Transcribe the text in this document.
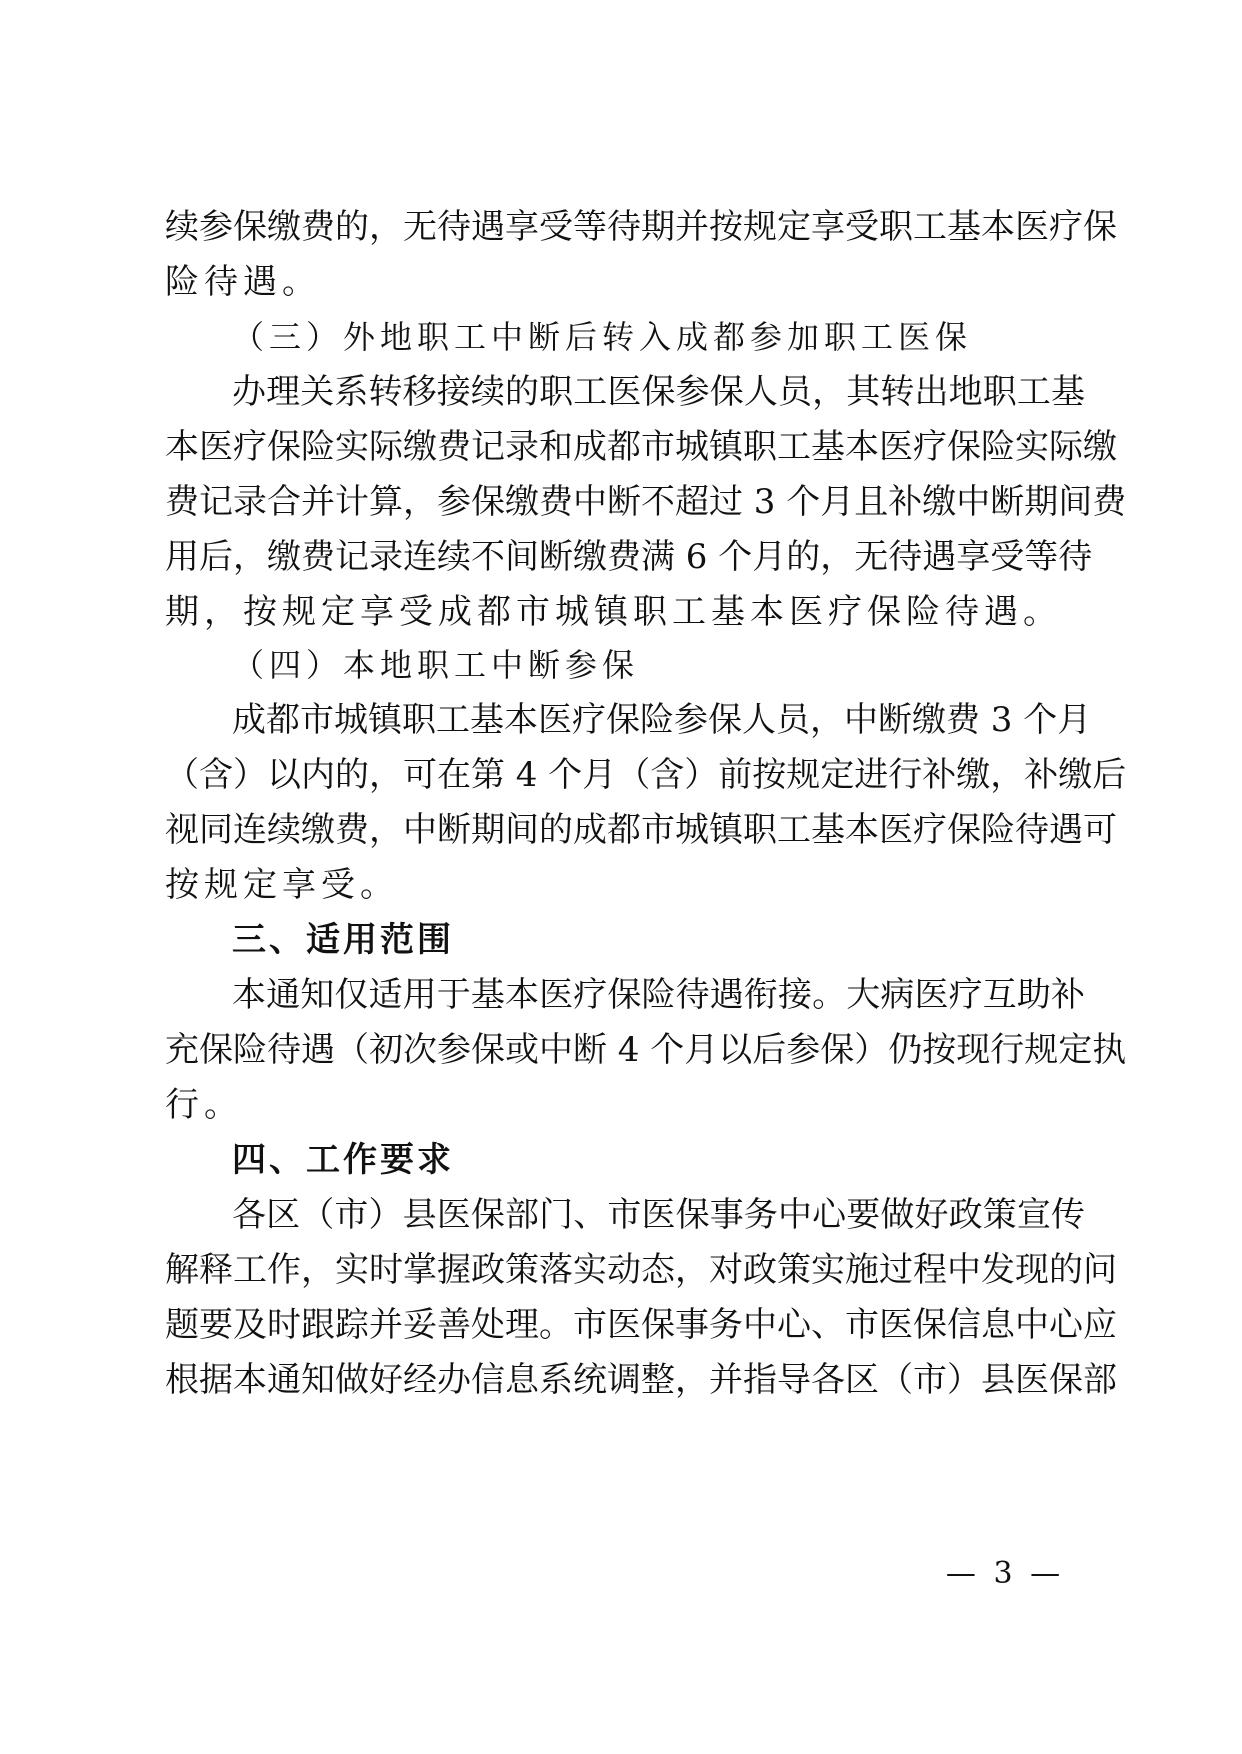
续参保缴费的，无待遇享受等待期并按规定享受职工基本医疗保
险待遇。
（三）外地职工中断后转入成都参加职工医保
办理关系转移接续的职工医保参保人员，其转出地职工基
本医疗保险实际缴费记录和成都市城镇职工基本医疗保险实际缴
费记录合并计算，参保缴费中断不超过 3 个月且补缴中断期间费
用后，缴费记录连续不间断缴费满 6 个月的，无待遇享受等待
期，按规定享受成都市城镇职工基本医疗保险待遇。
（四）本地职工中断参保
成都市城镇职工基本医疗保险参保人员，中断缴费 3 个月
（含）以内的，可在第 4 个月（含）前按规定进行补缴，补缴后
视同连续缴费，中断期间的成都市城镇职工基本医疗保险待遇可
按规定享受。
三、适用范围
本通知仅适用于基本医疗保险待遇衔接。大病医疗互助补
充保险待遇（初次参保或中断 4 个月以后参保）仍按现行规定执
行。
四、工作要求
各区（市）县医保部门、市医保事务中心要做好政策宣传
解释工作，实时掌握政策落实动态，对政策实施过程中发现的问
题要及时跟踪并妥善处理。市医保事务中心、市医保信息中心应
根据本通知做好经办信息系统调整，并指导各区（市）县医保部
— 3 —
